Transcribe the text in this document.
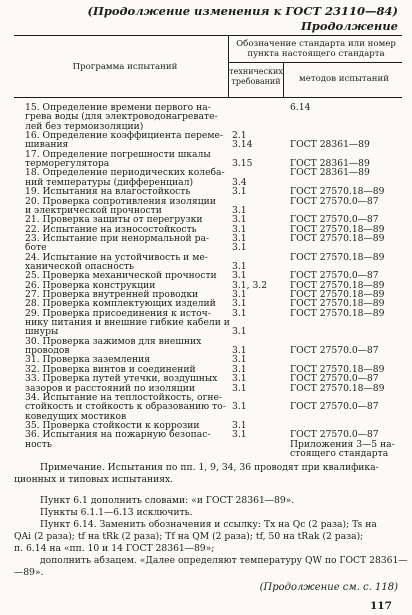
(Продолжение изменения к ГОСТ 23110—84)
Продолжение
Программа испытаний
Обозначение стандарта или номер пункта настоящего стандарта
технических требований	методов испытаний
15. Определение времени первого на-	6.14
грева воды (для электроводонагревате-
лей без термоизоляции)
16. Определение коэффициента переме- 2.1
шивания	3.14	ГОСТ 28361—89
17. Определение погрешности шкалы
терморегулятора	3.15	ГОСТ 28361—89
18. Определение периодических колеба-	ГОСТ 28361—89
ний температуры (дифференциал)	3.4
19. Испытания на влагостойкость	3.1	ГОСТ 27570.18—89
20. Проверка сопротивления изоляции	ГОСТ 27570.0—87
и электрической прочности	3.1
21. Проверка защиты от перегрузки	3.1	ГОСТ 27570.0—87
22. Испытание на износостойкость	3.1	ГОСТ 27570.18—89
23. Испытание при ненормальной ра-	3.1	ГОСТ 27570.18—89
боте	3.1
24. Испытание на устойчивость и ме-	ГОСТ 27570.18—89
ханической опасность	3.1
25. Проверка механической прочности	3.1	ГОСТ 27570.0—87
26. Проверка конструкции	3.1, 3.2	ГОСТ 27570.18—89
27. Проверка внутренней проводки	3.1	ГОСТ 27570.18—89
28. Проверка комплектующих изделий	3.1	ГОСТ 27570.18—89
29. Проверка присоединения к источ-	3.1	ГОСТ 27570.18—89
нику питания и внешние гибкие кабели и
шнуры	3.1
30. Проверка зажимов для внешних
проводов	3.1	ГОСТ 27570.0—87
31. Проверка заземления	3.1
32. Проверка винтов и соединений	3.1	ГОСТ 27570.18—89
33. Проверка путей утечки, воздушных	3.1	ГОСТ 27570.0—87
зазоров и расстояний по изоляции	3.1	ГОСТ 27570.18—89
34. Испытание на теплостойкость, огне-
стойкость и стойкость к образованию то- 3.1	ГОСТ 27570.0—87
коведущих мостиков
35. Проверка стойкости к коррозии	3.1
36. Испытания на пожарную безопас-	3.1	ГОСТ 27570.0—87
ность	Приложения 3—5 на-
стоящего стандарта
Примечание. Испытания по пп. 1, 9, 34, 36 проводят при квалифика-
ционных и типовых испытаниях.
Пункт 6.1 дополнить словами: «и ГОСТ 28361—89».
Пункты 6.1.1—6.13 исключить.
Пункт 6.14. Заменить обозначения и ссылку: Tх на Qс (2 раза); Ts на
QAi (2 раза); tf на tRk (2 раза); Tf на QM (2 раза); tf, 50 на tRak (2 раза);
п. 6.14 на «пп. 10 и 14 ГОСТ 28361—89»;
дополнить абзацем. «Далее определяют температуру QW по ГОСТ 28361—
—89».
(Продолжение см. с. 118)
117
